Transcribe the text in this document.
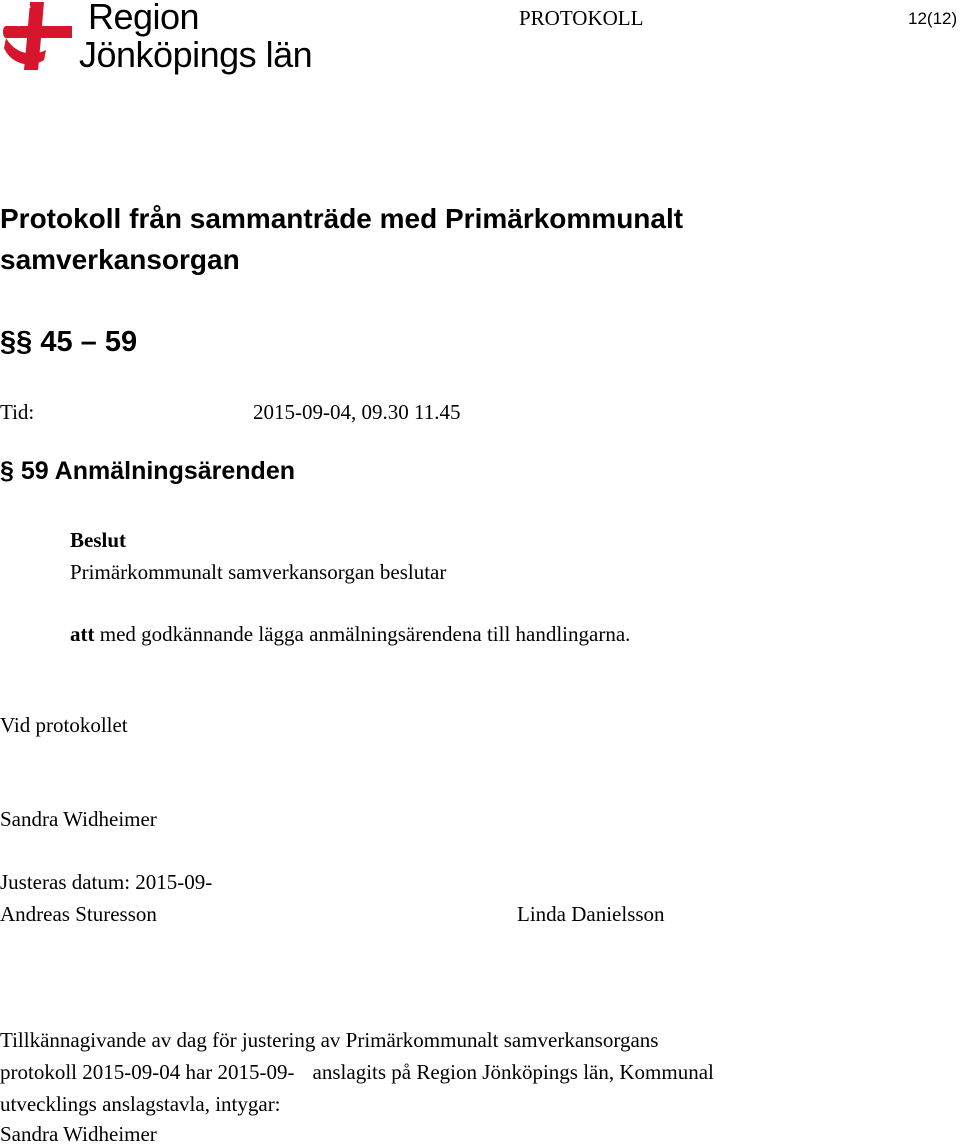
Region
Jönköpings län
PROTOKOLL	12(12)
Protokoll från sammanträde med Primärkommunalt samverkansorgan
§§ 45 – 59
Tid:	2015-09-04, 09.30 11.45
§ 59 Anmälningsärenden
Beslut
Primärkommunalt samverkansorgan beslutar
att med godkännande lägga anmälningsärendena till handlingarna.
Vid protokollet
Sandra Widheimer
Justeras datum: 2015-09-
Andreas Sturesson	Linda Danielsson
Tillkännagivande av dag för justering av Primärkommunalt samverkansorgans
protokoll 2015-09-04 har 2015-09- anslagits på Region Jönköpings län, Kommunal
utvecklings anslagstavla, intygar:
Sandra Widheimer
